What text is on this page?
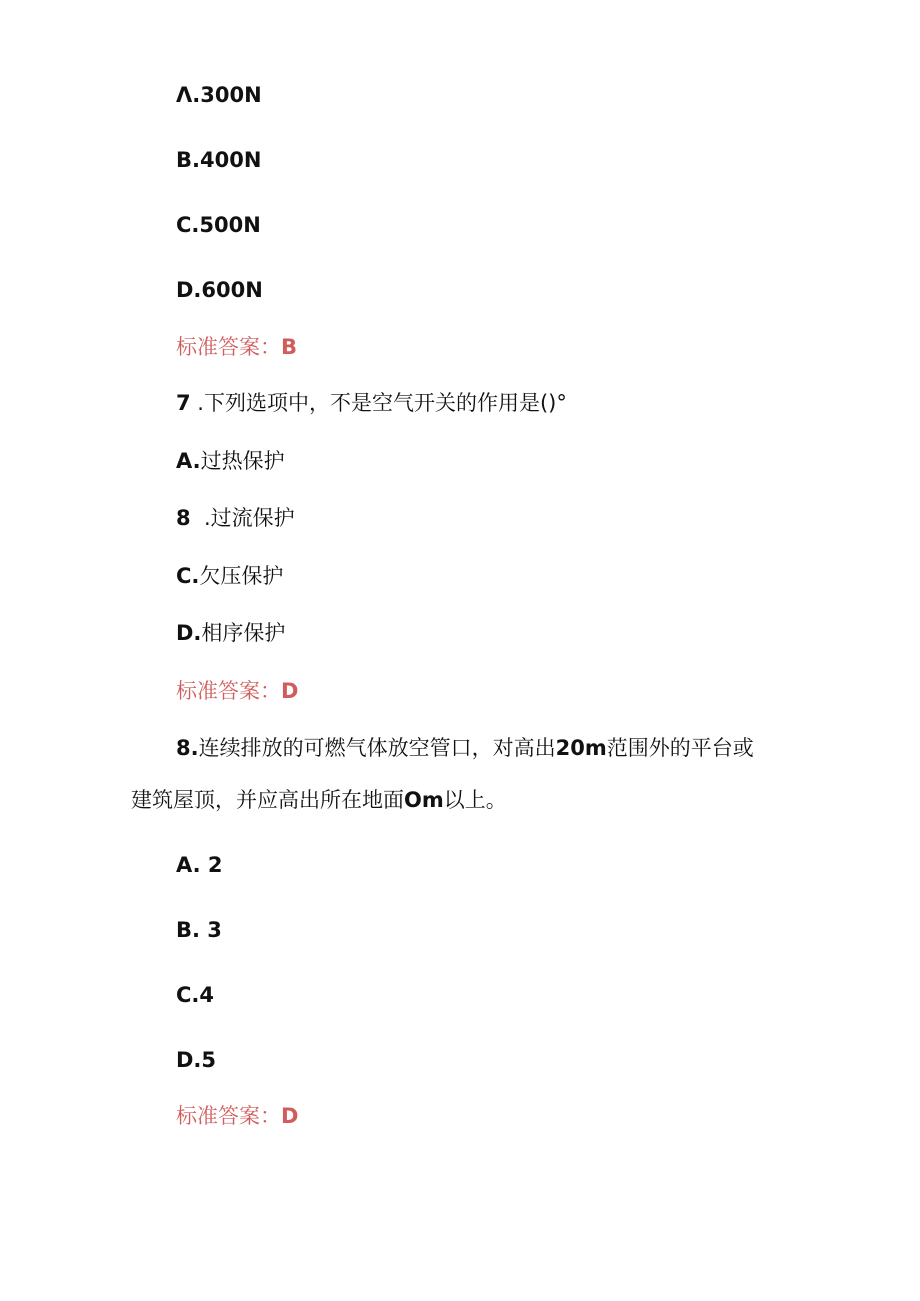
Λ.300N
B.400N
C.500N
D.600N
标准答案：B
7 .下列选项中，不是空气开关的作用是()°
A.过热保护
8  .过流保护
C.欠压保护
D.相序保护
标准答案：D
8.连续排放的可燃气体放空管口，对高出20m范围外的平台或
建筑屋顶，并应高出所在地面Om以上。
A. 2
B. 3
C.4
D.5
标准答案：D
